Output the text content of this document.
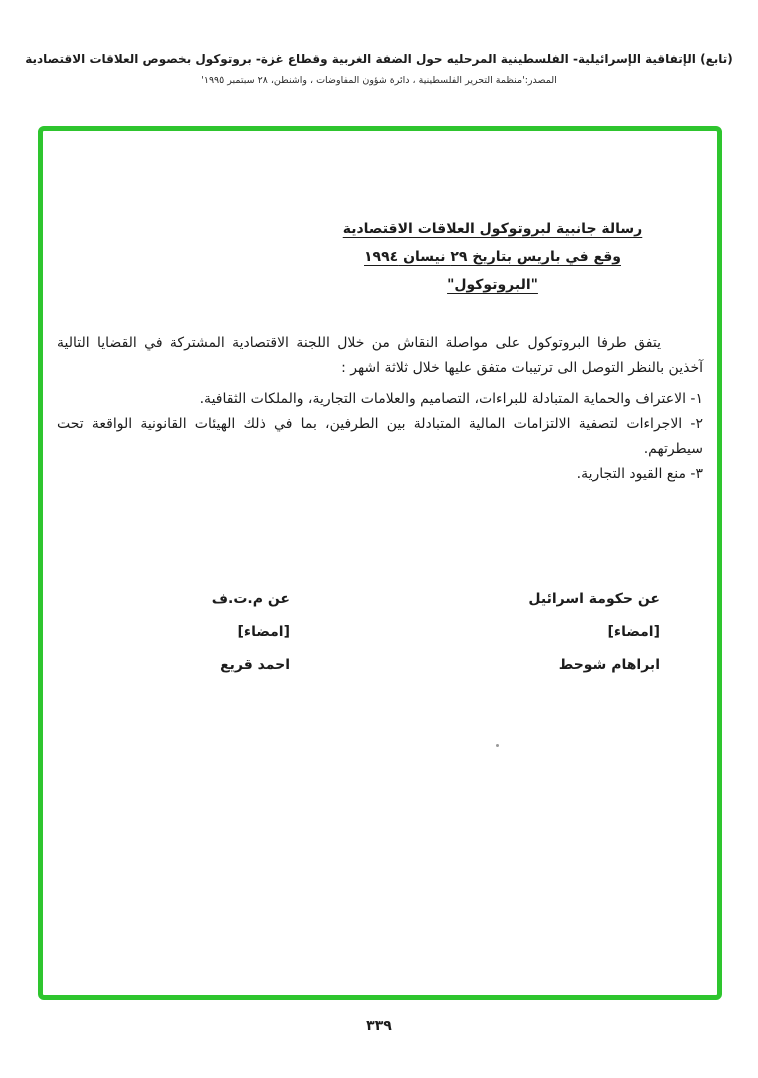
(تابع) الإتفاقية الإسرائيلية- الفلسطينية المرحليه حول الضفة الغربية وقطاع غزة- بروتوكول بخصوص العلاقات الاقتصادية
المصدر:'منظمة التحرير الفلسطينية ، دائرة شؤون المفاوضات ، واشنطن، ٢٨ سبتمبر ١٩٩٥'
رسالة جانبية لبروتوكول العلاقات الاقتصادية
وقع في باريس بتاريخ ٢٩ نيسان ١٩٩٤
"البروتوكول"

يتفق طرفا البروتوكول على مواصلة النقاش من خلال اللجنة الاقتصادية المشتركة في القضايا التالية آخذين بالنظر التوصل الى ترتيبات متفق عليها خلال ثلاثة اشهر :

١- الاعتراف والحماية المتبادلة للبراءات، التصاميم والعلامات التجارية، والملكات الثقافية.

٢- الاجراءات لتصفية الالتزامات المالية المتبادلة بين الطرفين، بما في ذلك الهيئات القانونية الواقعة تحت سيطرتهم.

٣- منع القيود التجارية.

عن حكومة اسرائيل
[امضاء]
ابراهام شوحط
عن م.ت.ف
[امضاء]
احمد قريع
٣٣٩
